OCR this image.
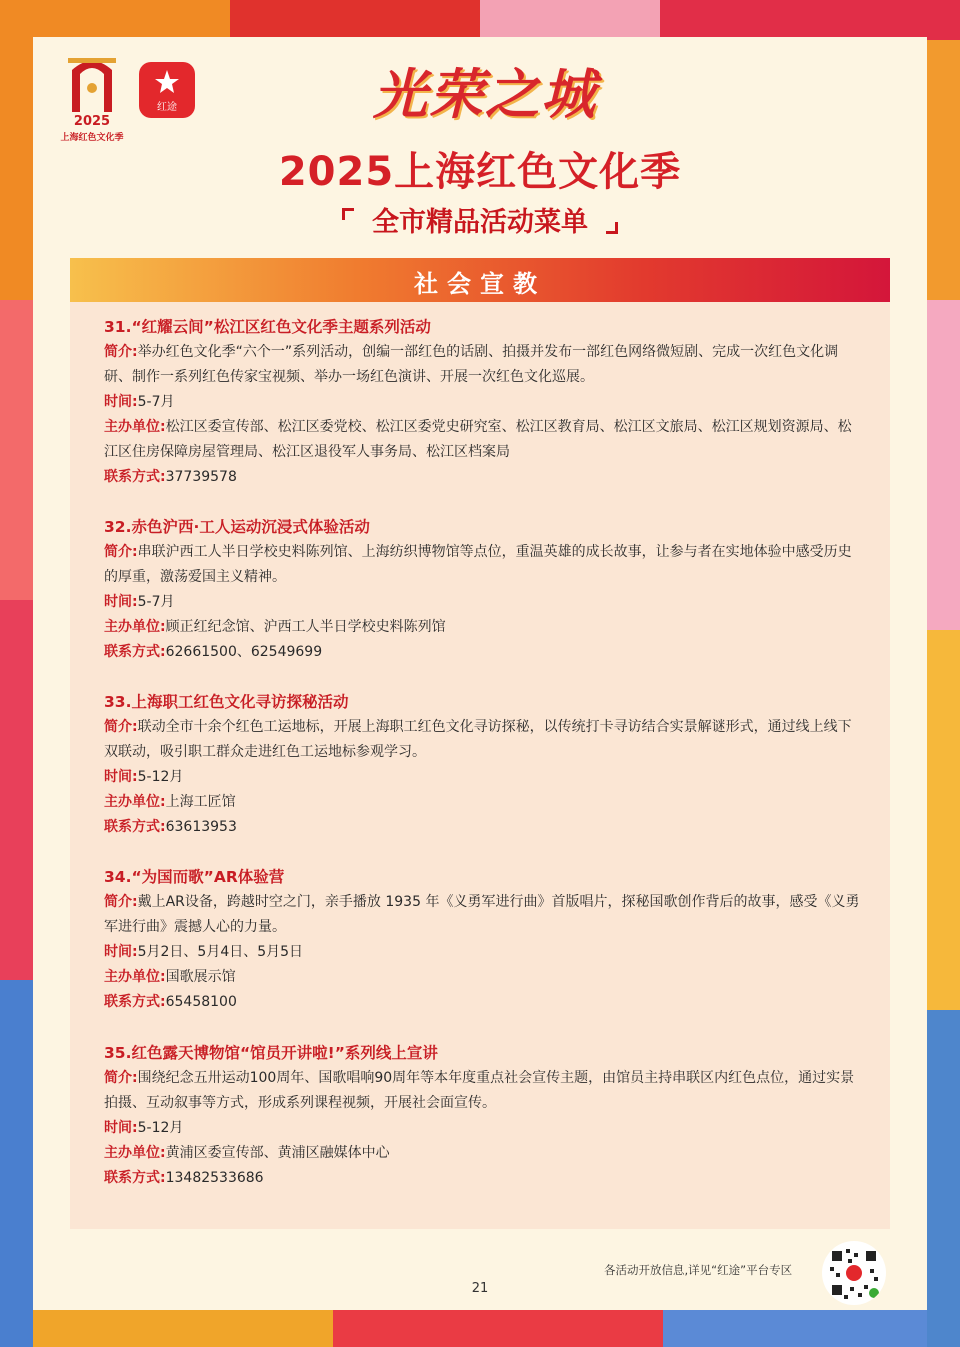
2025
上海红色文化季
红途	光荣之城
2025上海红色文化季
全市精品活动菜单
社会宣教
31.“红耀云间”松江区红色文化季主题系列活动
简介:举办红色文化季“六个一”系列活动，创编一部红色的话剧、拍摄并发布一部红色网络微短剧、完成一次红色文化调研、制作一系列红色传家宝视频、举办一场红色演讲、开展一次红色文化巡展。
时间:5-7月
主办单位:松江区委宣传部、松江区委党校、松江区委党史研究室、松江区教育局、松江区文旅局、松江区规划资源局、松江区住房保障房屋管理局、松江区退役军人事务局、松江区档案局
联系方式:37739578
32.赤色沪西·工人运动沉浸式体验活动
简介:串联沪西工人半日学校史料陈列馆、上海纺织博物馆等点位，重温英雄的成长故事，让参与者在实地体验中感受历史的厚重，激荡爱国主义精神。
时间:5-7月
主办单位:顾正红纪念馆、沪西工人半日学校史料陈列馆
联系方式:62661500、62549699
33.上海职工红色文化寻访探秘活动
简介:联动全市十余个红色工运地标，开展上海职工红色文化寻访探秘，以传统打卡寻访结合实景解谜形式，通过线上线下双联动，吸引职工群众走进红色工运地标参观学习。
时间:5-12月
主办单位:上海工匠馆
联系方式:63613953
34.“为国而歌”AR体验营
简介:戴上AR设备，跨越时空之门，亲手播放 1935 年《义勇军进行曲》首版唱片，探秘国歌创作背后的故事，感受《义勇军进行曲》震撼人心的力量。
时间:5月2日、5月4日、5月5日
主办单位:国歌展示馆
联系方式:65458100
35.红色露天博物馆“馆员开讲啦!”系列线上宣讲
简介:围绕纪念五卅运动100周年、国歌唱响90周年等本年度重点社会宣传主题，由馆员主持串联区内红色点位，通过实景拍摄、互动叙事等方式，形成系列课程视频，开展社会面宣传。
时间:5-12月
主办单位:黄浦区委宣传部、黄浦区融媒体中心
联系方式:13482533686
各活动开放信息,详见“红途”平台专区
21
